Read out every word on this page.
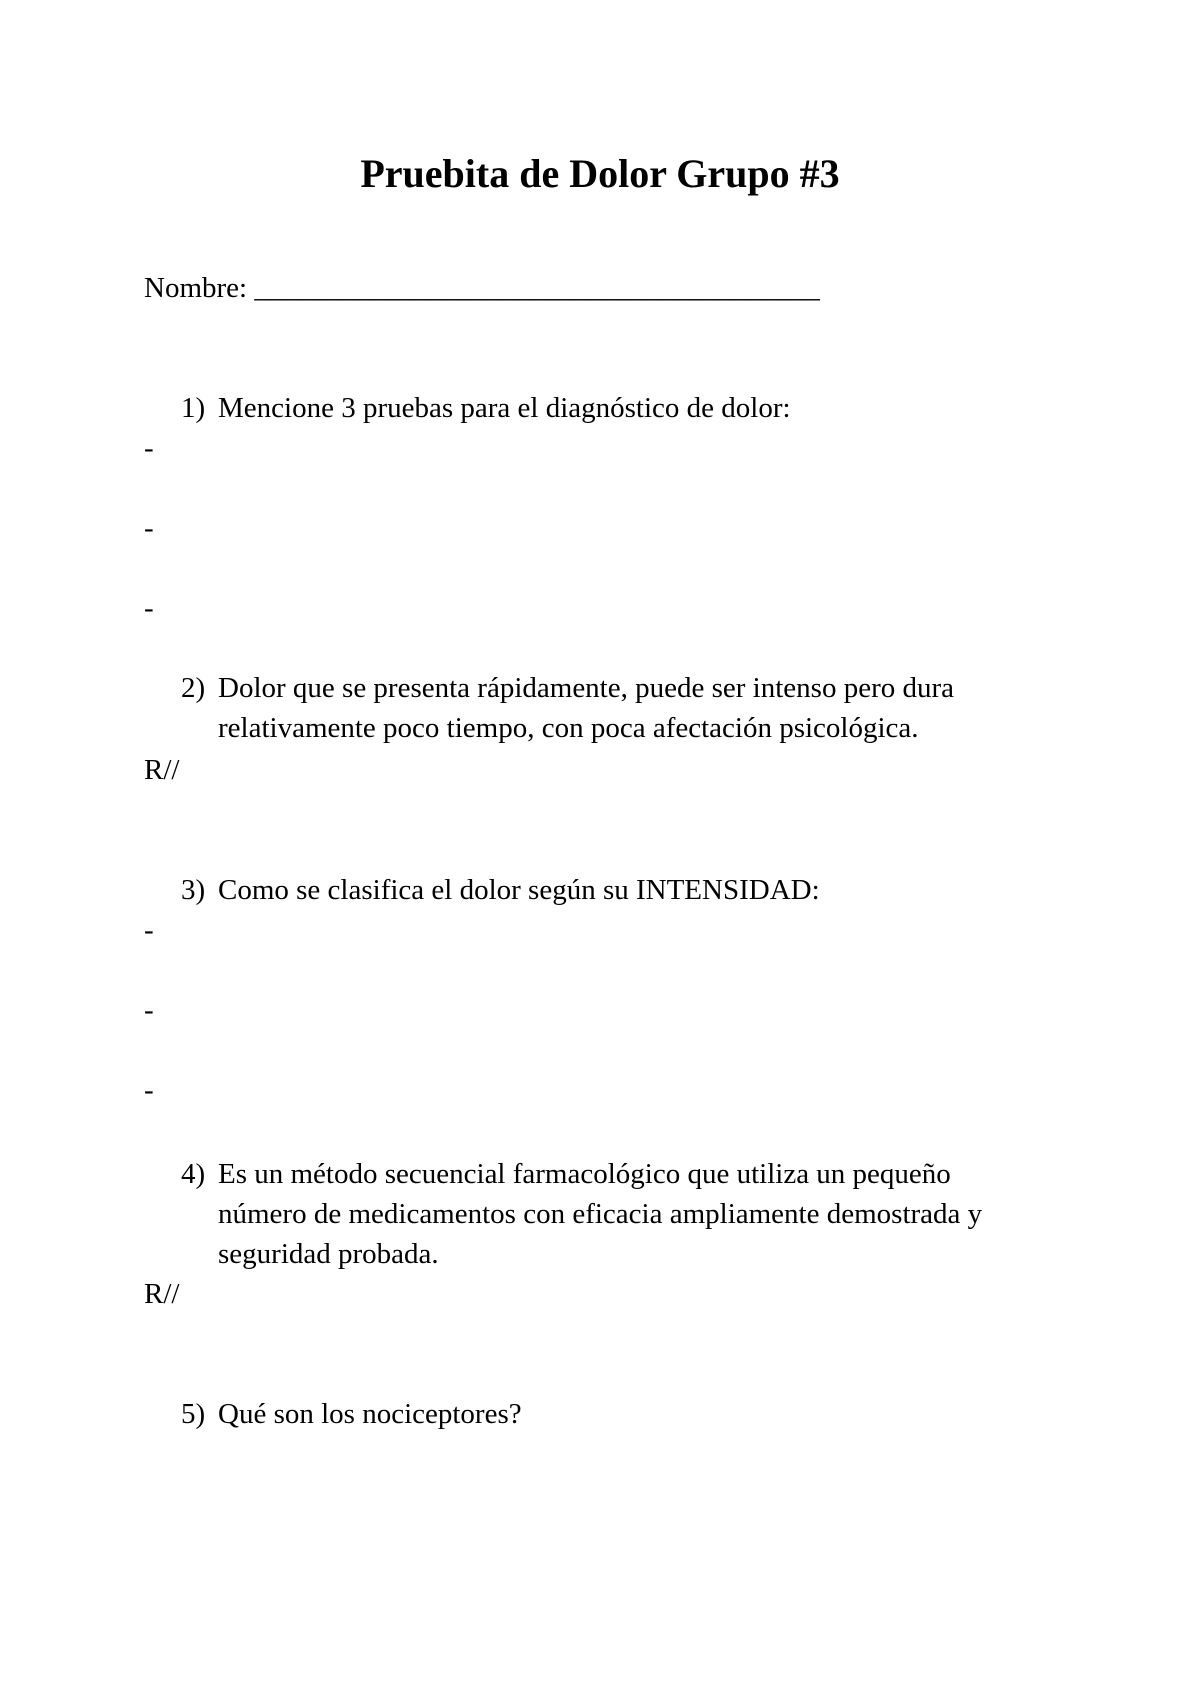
Pruebita de Dolor Grupo #3
Nombre: _______________________________________
1) Mencione 3 pruebas para el diagnóstico de dolor:
-
-
-
2) Dolor que se presenta rápidamente, puede ser intenso pero dura
relativamente poco tiempo, con poca afectación psicológica.
R//
3) Como se clasifica el dolor según su INTENSIDAD:
-
-
-
4) Es un método secuencial farmacológico que utiliza un pequeño
número de medicamentos con eficacia ampliamente demostrada y
seguridad probada.
R//
5) Qué son los nociceptores?
